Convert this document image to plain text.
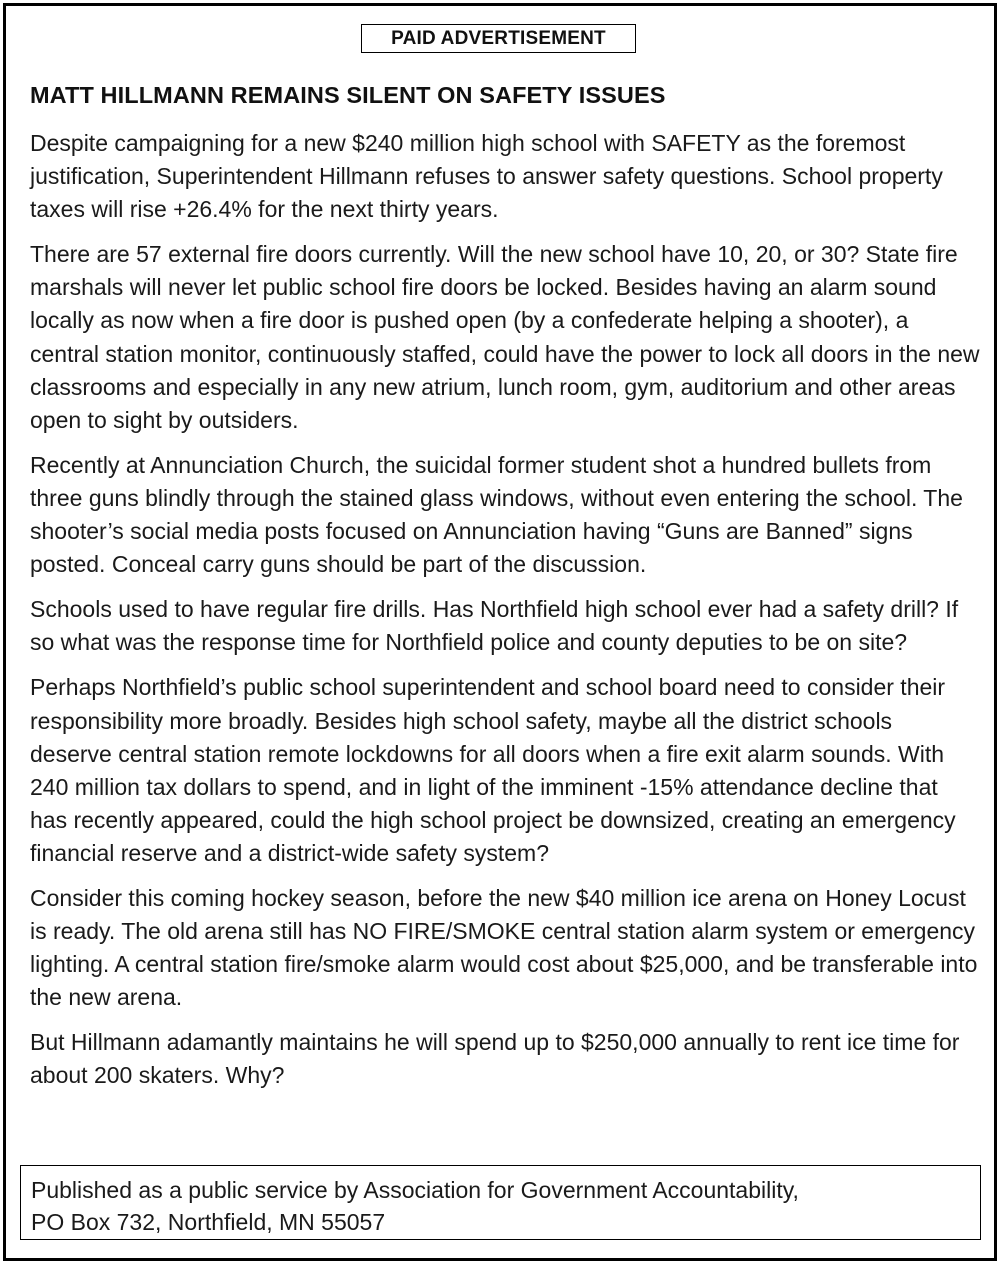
PAID ADVERTISEMENT
MATT HILLMANN REMAINS SILENT ON SAFETY ISSUES

Despite campaigning for a new $240 million high school with SAFETY as the foremost justification, Superintendent Hillmann refuses to answer safety questions. School property taxes will rise +26.4% for the next thirty years.

There are 57 external fire doors currently. Will the new school have 10, 20, or 30? State fire marshals will never let public school fire doors be locked. Besides having an alarm sound locally as now when a fire door is pushed open (by a confederate helping a shooter), a central station monitor, continuously staffed, could have the power to lock all doors in the new classrooms and especially in any new atrium, lunch room, gym, auditorium and other areas open to sight by outsiders.

Recently at Annunciation Church, the suicidal former student shot a hundred bullets from three guns blindly through the stained glass windows, without even entering the school. The shooter’s social media posts focused on Annunciation having “Guns are Banned” signs posted. Conceal carry guns should be part of the discussion.

Schools used to have regular fire drills. Has Northfield high school ever had a safety drill? If so what was the response time for Northfield police and county deputies to be on site?

Perhaps Northfield’s public school superintendent and school board need to consider their responsibility more broadly. Besides high school safety, maybe all the district schools deserve central station remote lockdowns for all doors when a fire exit alarm sounds. With 240 million tax dollars to spend, and in light of the imminent -15% attendance decline that has recently appeared, could the high school project be downsized, creating an emergency financial reserve and a district-wide safety system?

Consider this coming hockey season, before the new $40 million ice arena on Honey Locust is ready. The old arena still has NO FIRE/SMOKE central station alarm system or emergency lighting. A central station fire/smoke alarm would cost about $25,000, and be transferable into the new arena.

But Hillmann adamantly maintains he will spend up to $250,000 annually to rent ice time for about 200 skaters. Why?

Published as a public service by Association for Government Accountability,
PO Box 732, Northfield, MN 55057
